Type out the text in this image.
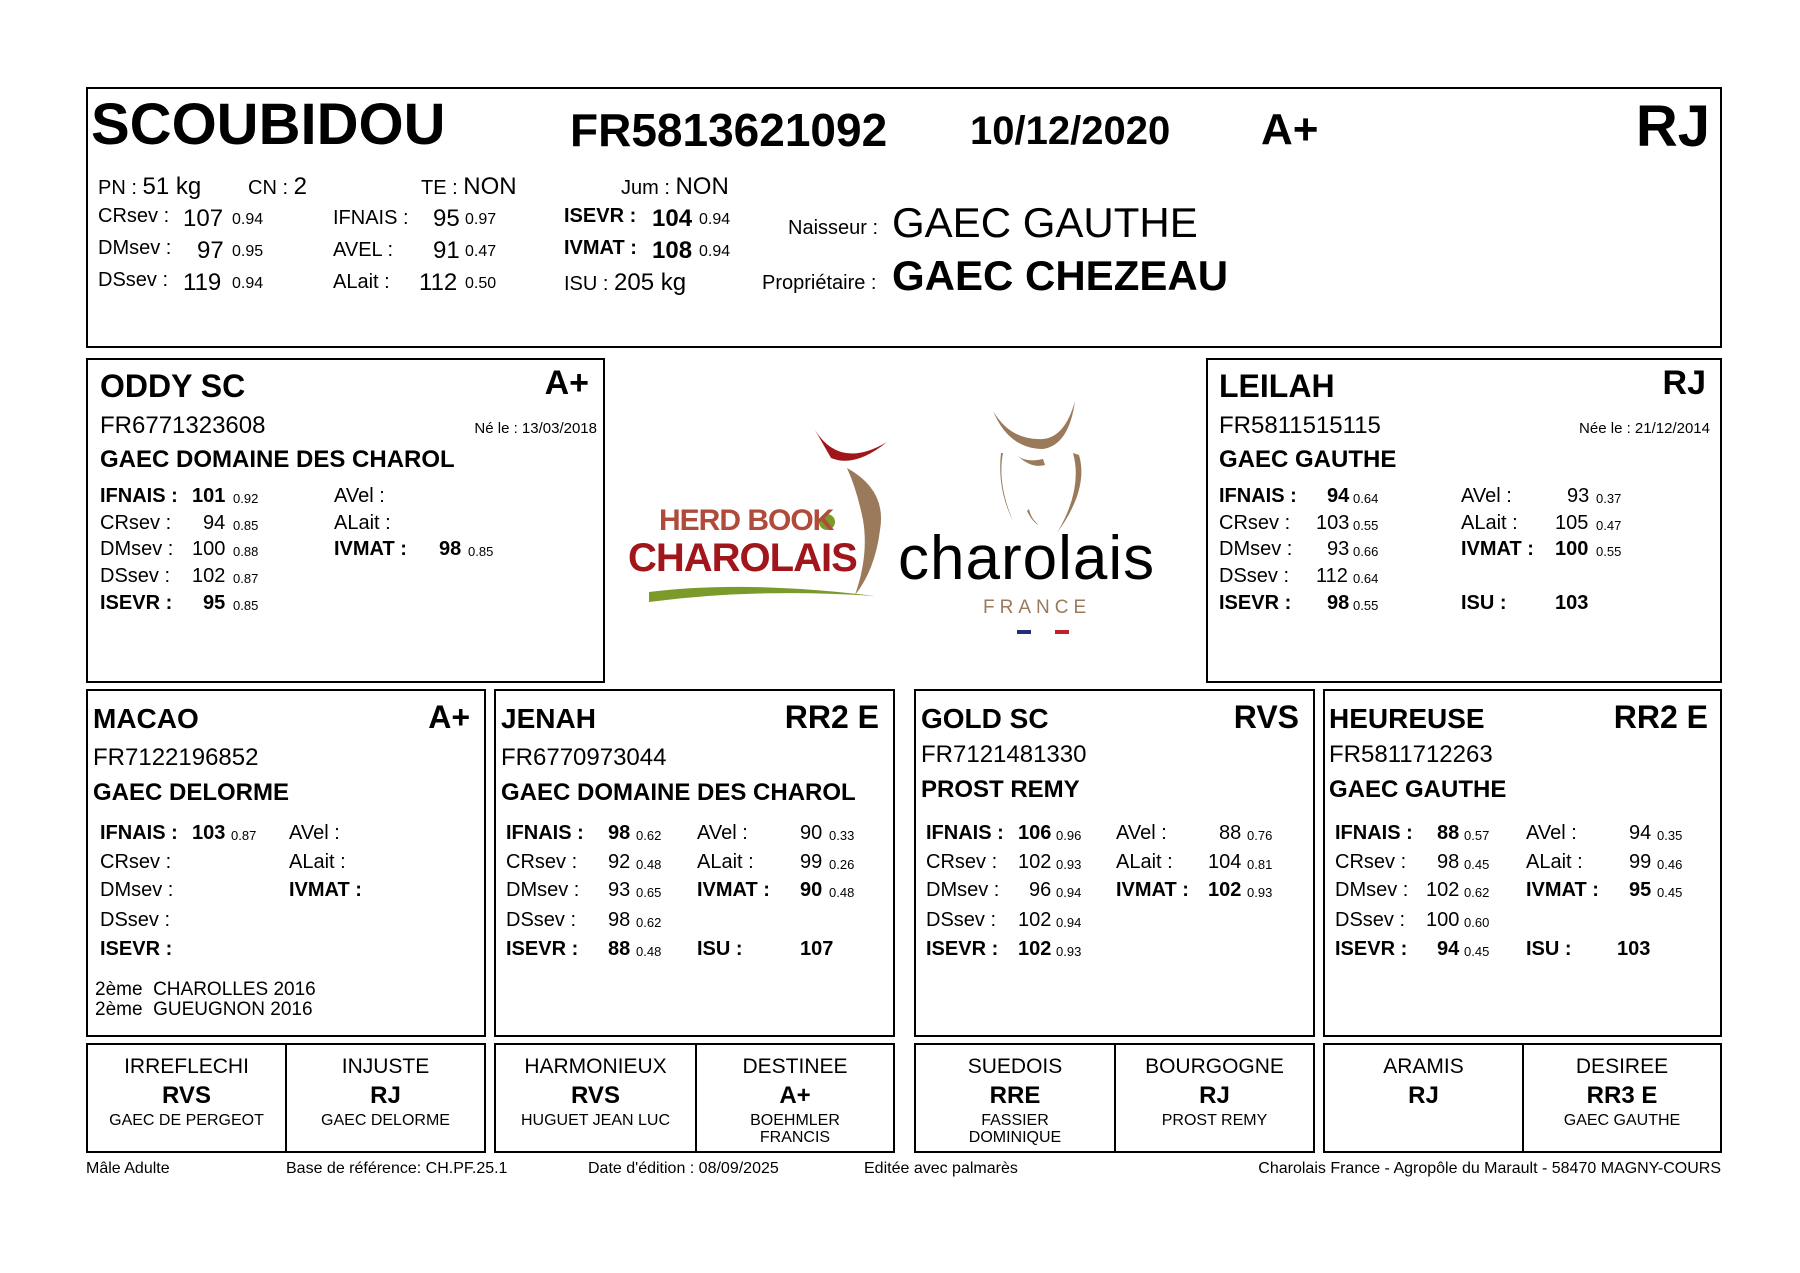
SCOUBIDOU	FR5813621092 10/12/2020 A+	RJ
PN : 51 kg CN : 2	TE : NON	Jum : NON
CRsev : 107 0.94
DMsev : 97 0.95
DSsev : 119 0.94
IFNAIS : 95 0.97
AVEL : 91 0.47
ALait : 112 0.50
ISEVR : 104 0.94
IVMAT : 108 0.94
ISU : 205 kg
Naisseur : GAEC GAUTHE
Propriétaire : GAEC CHEZEAU
ODDY SC	A+
FR6771323608	Né le : 13/03/2018
GAEC DOMAINE DES CHAROL
IFNAIS : 101 0.92
CRsev : 94 0.85
DMsev : 100 0.88
DSsev : 102 0.87
ISEVR : 95 0.85
AVel :
ALait :
IVMAT : 98 0.85
HERD BOOK
CHAROLAIS charolais
FRANCE
LEILAH	RJ
FR5811515115	Née le : 21/12/2014
GAEC GAUTHE
IFNAIS : 94 0.64
CRsev : 103 0.55
DMsev : 93 0.66
DSsev : 112 0.64
ISEVR : 98 0.55
AVel :	93 0.37
ALait : 105 0.47
IVMAT : 100 0.55
ISU : 103
MACAO	A+
FR7122196852
GAEC DELORME
IFNAIS : 103 0.87
CRsev :
DMsev :
DSsev :
ISEVR :
AVel :
ALait :
IVMAT :
2ème  CHAROLLES 2016
2ème  GUEUGNON 2016
JENAH	RR2 E
FR6770973044
GAEC DOMAINE DES CHAROL
IFNAIS : 98 0.62
CRsev : 92 0.48
DMsev : 93 0.65
DSsev : 98 0.62
ISEVR : 88 0.48
AVel :	90 0.33
ALait : 99 0.26
IVMAT : 90 0.48
ISU :	107
GOLD SC	RVS
FR7121481330
PROST REMY
IFNAIS : 106 0.96
CRsev : 102 0.93
DMsev : 96 0.94
DSsev : 102 0.94
ISEVR : 102 0.93
AVel :	88 0.76
ALait : 104 0.81
IVMAT : 102 0.93
HEUREUSE	RR2 E
FR5811712263
GAEC GAUTHE
IFNAIS : 88 0.57
CRsev : 98 0.45
DMsev : 102 0.62
DSsev : 100 0.60
ISEVR : 94 0.45
AVel :	94 0.35
ALait : 99 0.46
IVMAT : 95 0.45
ISU : 103
IRREFLECHI
RVS
GAEC DE PERGEOT
INJUSTE
RJ
GAEC DELORME
HARMONIEUX
RVS
HUGUET JEAN LUC
DESTINEE
A+
BOEHMLER
FRANCIS
SUEDOIS
RRE
FASSIER
DOMINIQUE
BOURGOGNE
RJ
PROST REMY
ARAMIS
RJ
DESIREE
RR3 E
GAEC GAUTHE
Mâle Adulte	Base de référence: CH.PF.25.1	Date d'édition : 08/09/2025	Editée avec palmarès	Charolais France - Agropôle du Marault - 58470 MAGNY-COURS
